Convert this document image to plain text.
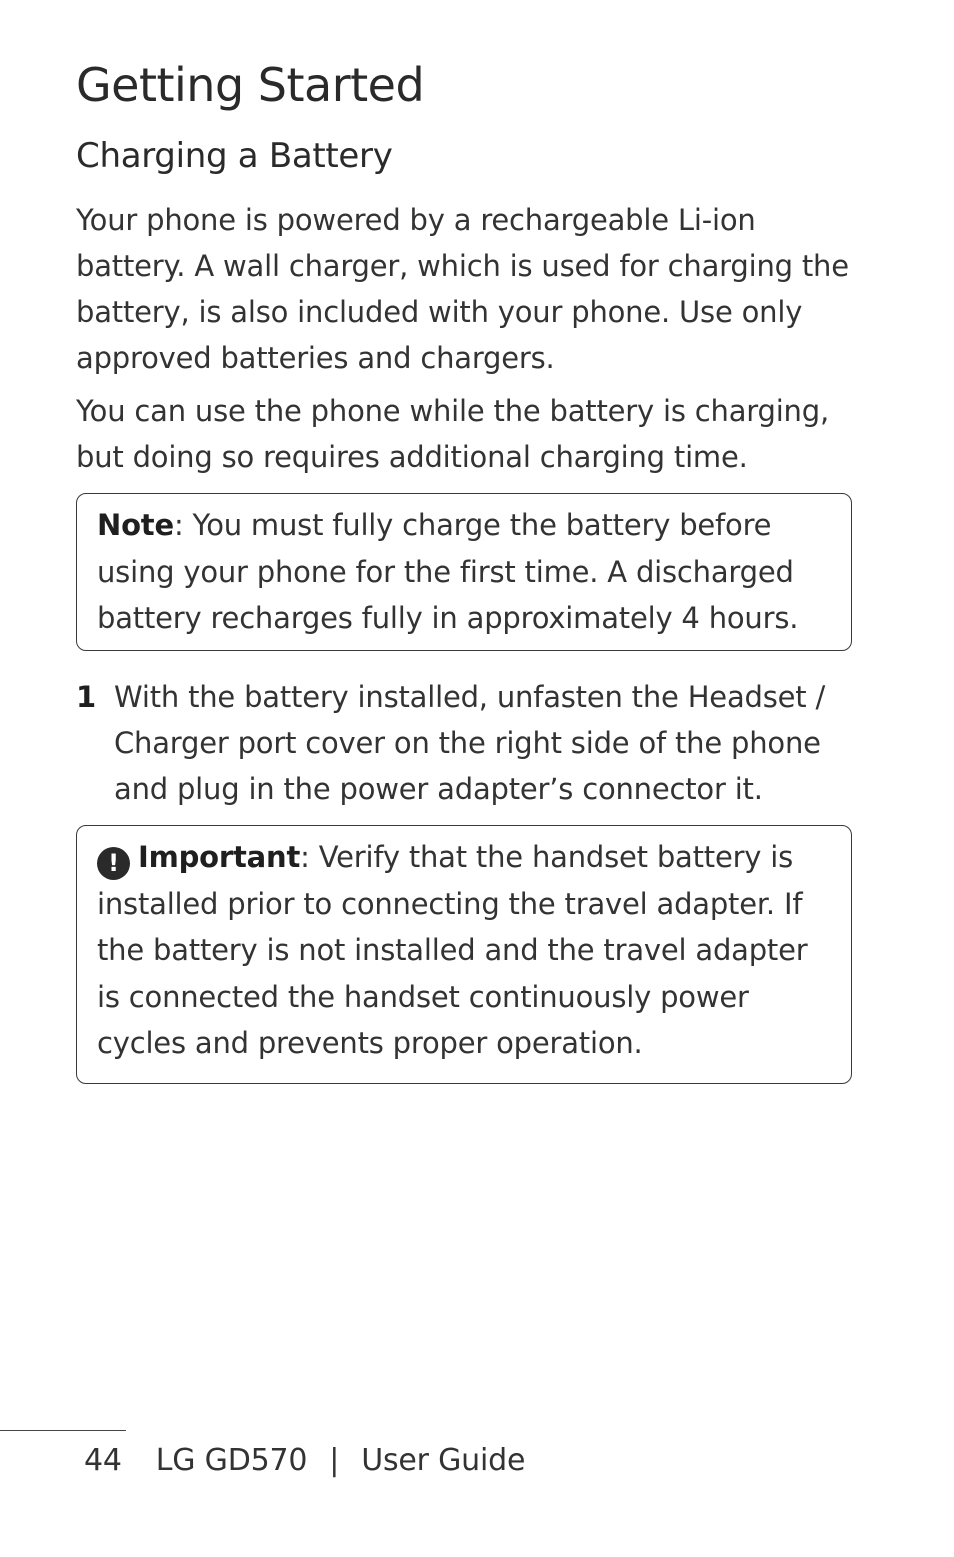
Getting Started
Charging a Battery

Your phone is powered by a rechargeable Li-ion battery. A wall charger, which is used for charging the battery, is also included with your phone. Use only approved batteries and chargers.

You can use the phone while the battery is charging, but doing so requires additional charging time.

Note: You must fully charge the battery before using your phone for the first time. A discharged battery recharges fully in approximately 4 hours.
1 With the battery installed, unfasten the Headset / Charger port cover on the right side of the phone and plug in the power adapter’s connector it.
! Important: Verify that the handset battery is installed prior to connecting the travel adapter. If the battery is not installed and the travel adapter is connected the handset continuously power cycles and prevents proper operation.
44 LG GD570 | User Guide
